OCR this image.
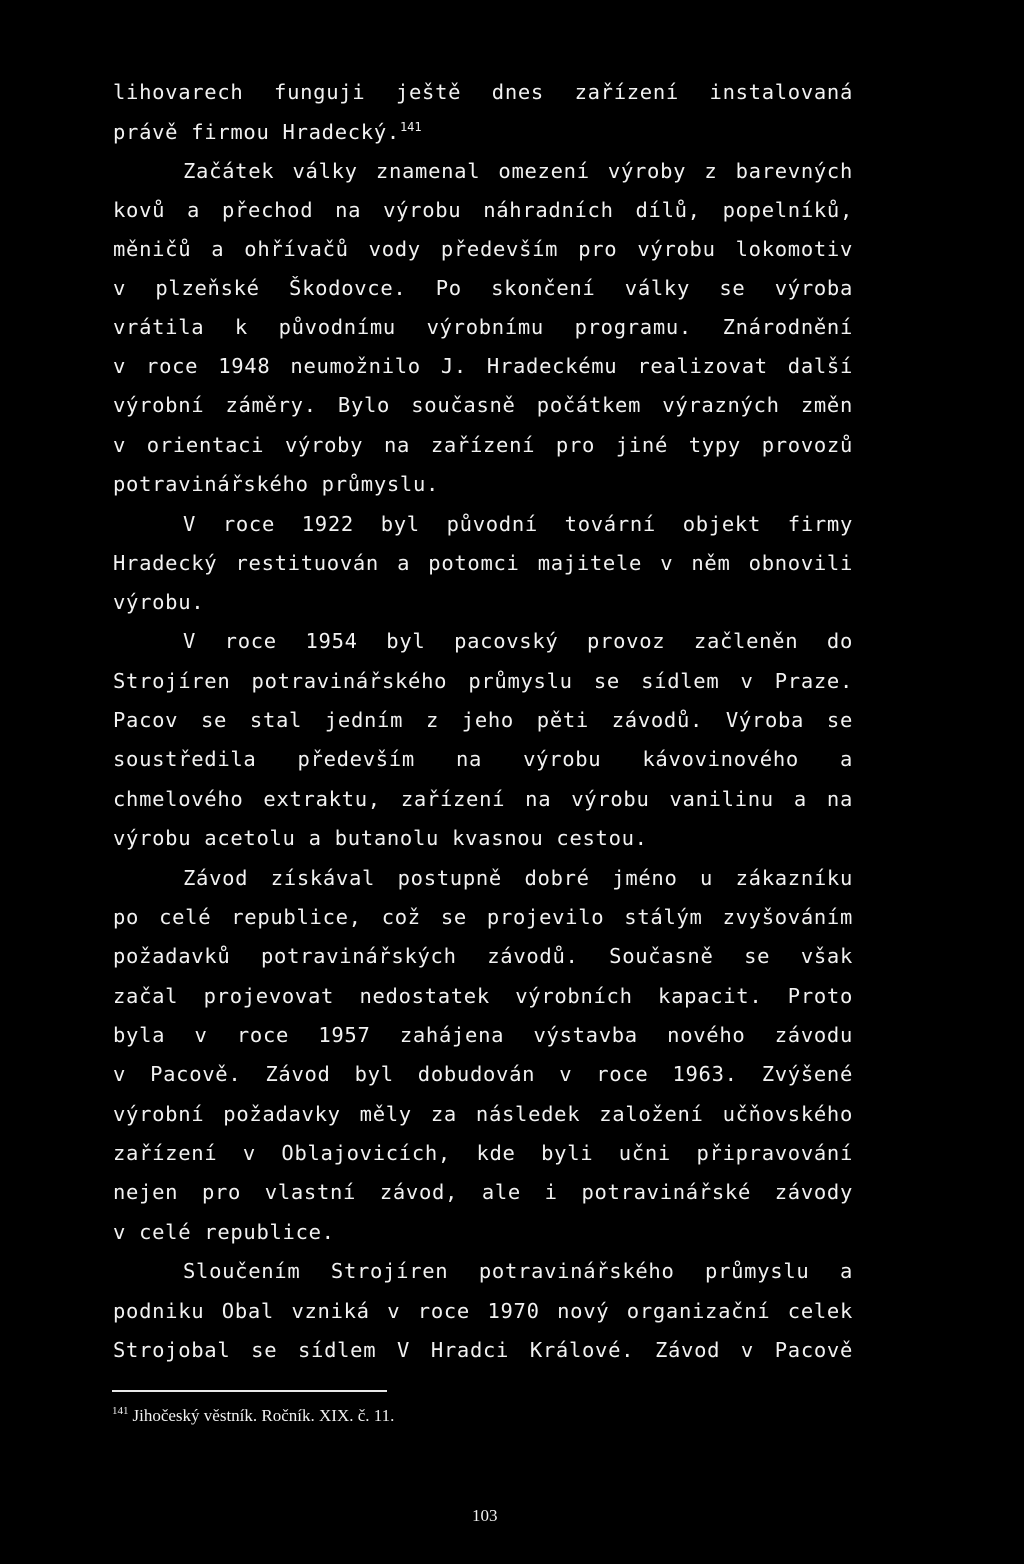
lihovarech funguji ještě dnes zařízení instalovaná
právě firmou Hradecký.$^{141}$
Začátek války znamenal omezení výroby z barevných
kovů a přechod na výrobu náhradních dílů, popelníků,
měničů a ohřívačů vody především pro výrobu lokomotiv
v plzeňské Škodovce. Po skončení války se výroba
vrátila k původnímu výrobnímu programu. Znárodnění
v roce 1948 neumožnilo J. Hradeckému realizovat další
výrobní záměry. Bylo současně počátkem výrazných změn
v orientaci výroby na zařízení pro jiné typy provozů
potravinářského průmyslu.
V roce 1922 byl původní tovární objekt firmy
Hradecký restituován a potomci majitele v něm obnovili
výrobu.
V roce 1954 byl pacovský provoz začleněn do
Strojíren potravinářského průmyslu se sídlem v Praze.
Pacov se stal jedním z jeho pěti závodů. Výroba se
soustředila především na výrobu kávovinového a
chmelového extraktu, zařízení na výrobu vanilinu a na
výrobu acetolu a butanolu kvasnou cestou.
Závod získával postupně dobré jméno u zákazníku
po celé republice, což se projevilo stálým zvyšováním
požadavků potravinářských závodů. Současně se však
začal projevovat nedostatek výrobních kapacit. Proto
byla v roce 1957 zahájena výstavba nového závodu
v Pacově. Závod byl dobudován v roce 1963. Zvýšené
výrobní požadavky měly za následek založení učňovského
zařízení v Oblajovicích, kde byli učni připravování
nejen pro vlastní závod, ale i potravinářské závody
v celé republice.
Sloučením Strojíren potravinářského průmyslu a
podniku Obal vzniká v roce 1970 nový organizační celek
Strojobal se sídlem V Hradci Králové. Závod v Pacově
$^{141}$ Jihočeský věstník. Ročník. XIX. č. 11.
103
